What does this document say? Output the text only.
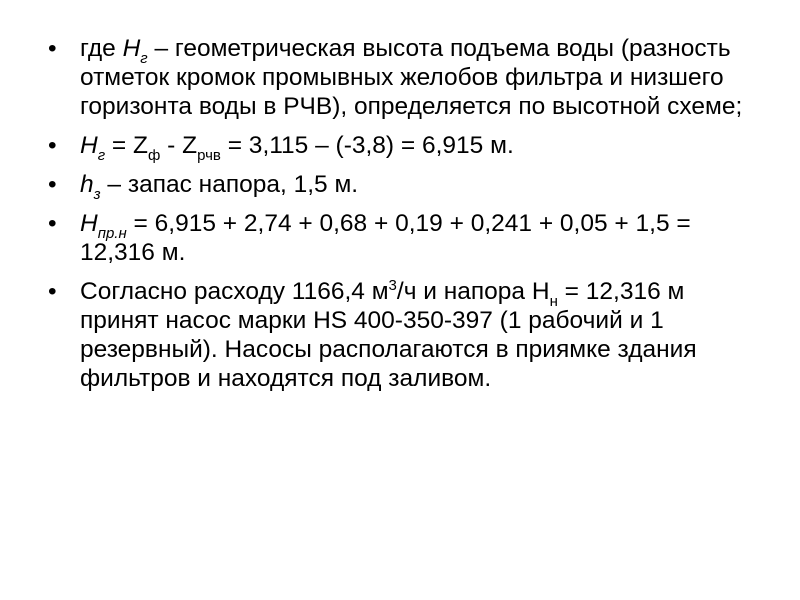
• где $H_г$ – геометрическая высота подъема воды (разность отметок кромок промывных желобов фильтра и низшего горизонта воды в РЧВ), определяется по высотной схеме;
• $H_г = Z_ф - Z_{рчв} = 3,115 - (-3,8) = 6,915$ м.
• $h_з$ – запас напора, 1,5 м.
• $H_{пр.н} = 6,915 + 2,74 + 0,68 + 0,19 + 0,241 + 0,05 + 1,5 = 12,316$ м.
• Согласно расходу 1166,4 $м^3/ч$ и напора $Н_н = 12,316$ м принят насос марки HS 400-350-397 (1 рабочий и 1 резервный). Насосы располагаются в приямке здания фильтров и находятся под заливом.
